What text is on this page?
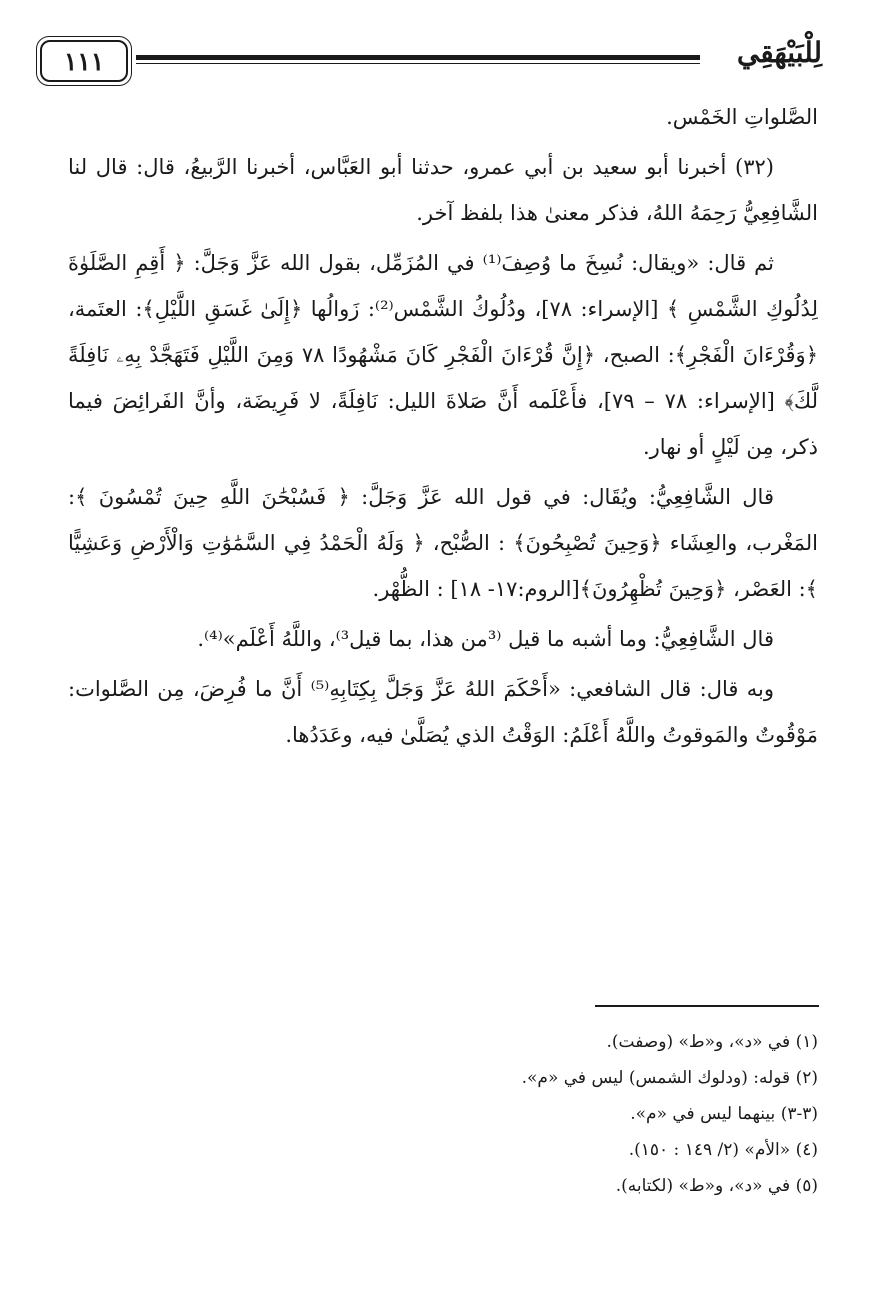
١١١	لِلْبَيْهَقِي

الصَّلواتِ الخَمْس.

(٣٢) أخبرنا أبو سعيد بن أبي عمرو، حدثنا أبو العَبَّاس، أخبرنا الرَّبيعُ، قال: قال لنا الشَّافِعِيُّ رَحِمَهُ اللهُ، فذكر معنىٰ هذا بلفظ آخر.

ثم قال: «ويقال: نُسِخَ ما وُصِفَ⁽¹⁾ في المُزَمِّل، بقول الله عَزَّ وَجَلَّ: ﴿ أَقِمِ الصَّلَوٰةَ لِدُلُوكِ الشَّمْسِ ﴾ [الإسراء: ٧٨]، ودُلُوكُ الشَّمْس⁽²⁾: زَوالُها ﴿إِلَىٰ غَسَقِ اللَّيْلِ﴾: العتَمة، ﴿وَقُرْءَانَ الْفَجْرِ﴾: الصبح، ﴿إِنَّ قُرْءَانَ الْفَجْرِ كَانَ مَشْهُودًا ٧٨ وَمِنَ اللَّيْلِ فَتَهَجَّدْ بِهِۦ نَافِلَةً لَّكَ﴾ [الإسراء: ٧٨ – ٧٩]، فأَعْلَمه أَنَّ صَلاةَ الليل: نَافِلَةً، لا فَرِيضَة، وأنَّ الفَرائِضَ فيما ذكر، مِن لَيْلٍ أو نهار.

قال الشَّافِعِيُّ: ويُقَال: في قول الله عَزَّ وَجَلَّ: ﴿ فَسُبْحَٰنَ اللَّهِ حِينَ تُمْسُونَ ﴾: المَغْرب، والعِشَاء ﴿وَحِينَ تُصْبِحُونَ﴾ : الصُّبْح، ﴿ وَلَهُ الْحَمْدُ فِي السَّمَٰوَٰتِ وَالْأَرْضِ وَعَشِيًّا ﴾: العَصْر، ﴿وَحِينَ تُظْهِرُونَ﴾[الروم:١٧- ١٨] : الظُّهْر.

قال الشَّافِعِيُّ: وما أشبه ما قيل ⁽³من هذا، بما قيل³⁾، واللَّهُ أَعْلَم»⁽⁴⁾.

وبه قال: قال الشافعي: «أَحْكَمَ اللهُ عَزَّ وَجَلَّ بِكِتَابِهِ⁽⁵⁾ أَنَّ ما فُرِضَ، مِن الصَّلوات: مَوْقُوتٌ والمَوقوتُ واللَّهُ أَعْلَمُ: الوَقْتُ الذي يُصَلَّىٰ فيه، وعَدَدُها.

(١) في «د»، و«ط» (وصفت).

(٢) قوله: (ودلوك الشمس) ليس في «م».

(٣-٣) بينهما ليس في «م».

(٤) «الأم» (٢/ ١٤٩ : ١٥٠).

(٥) في «د»، و«ط» (لكتابه).
